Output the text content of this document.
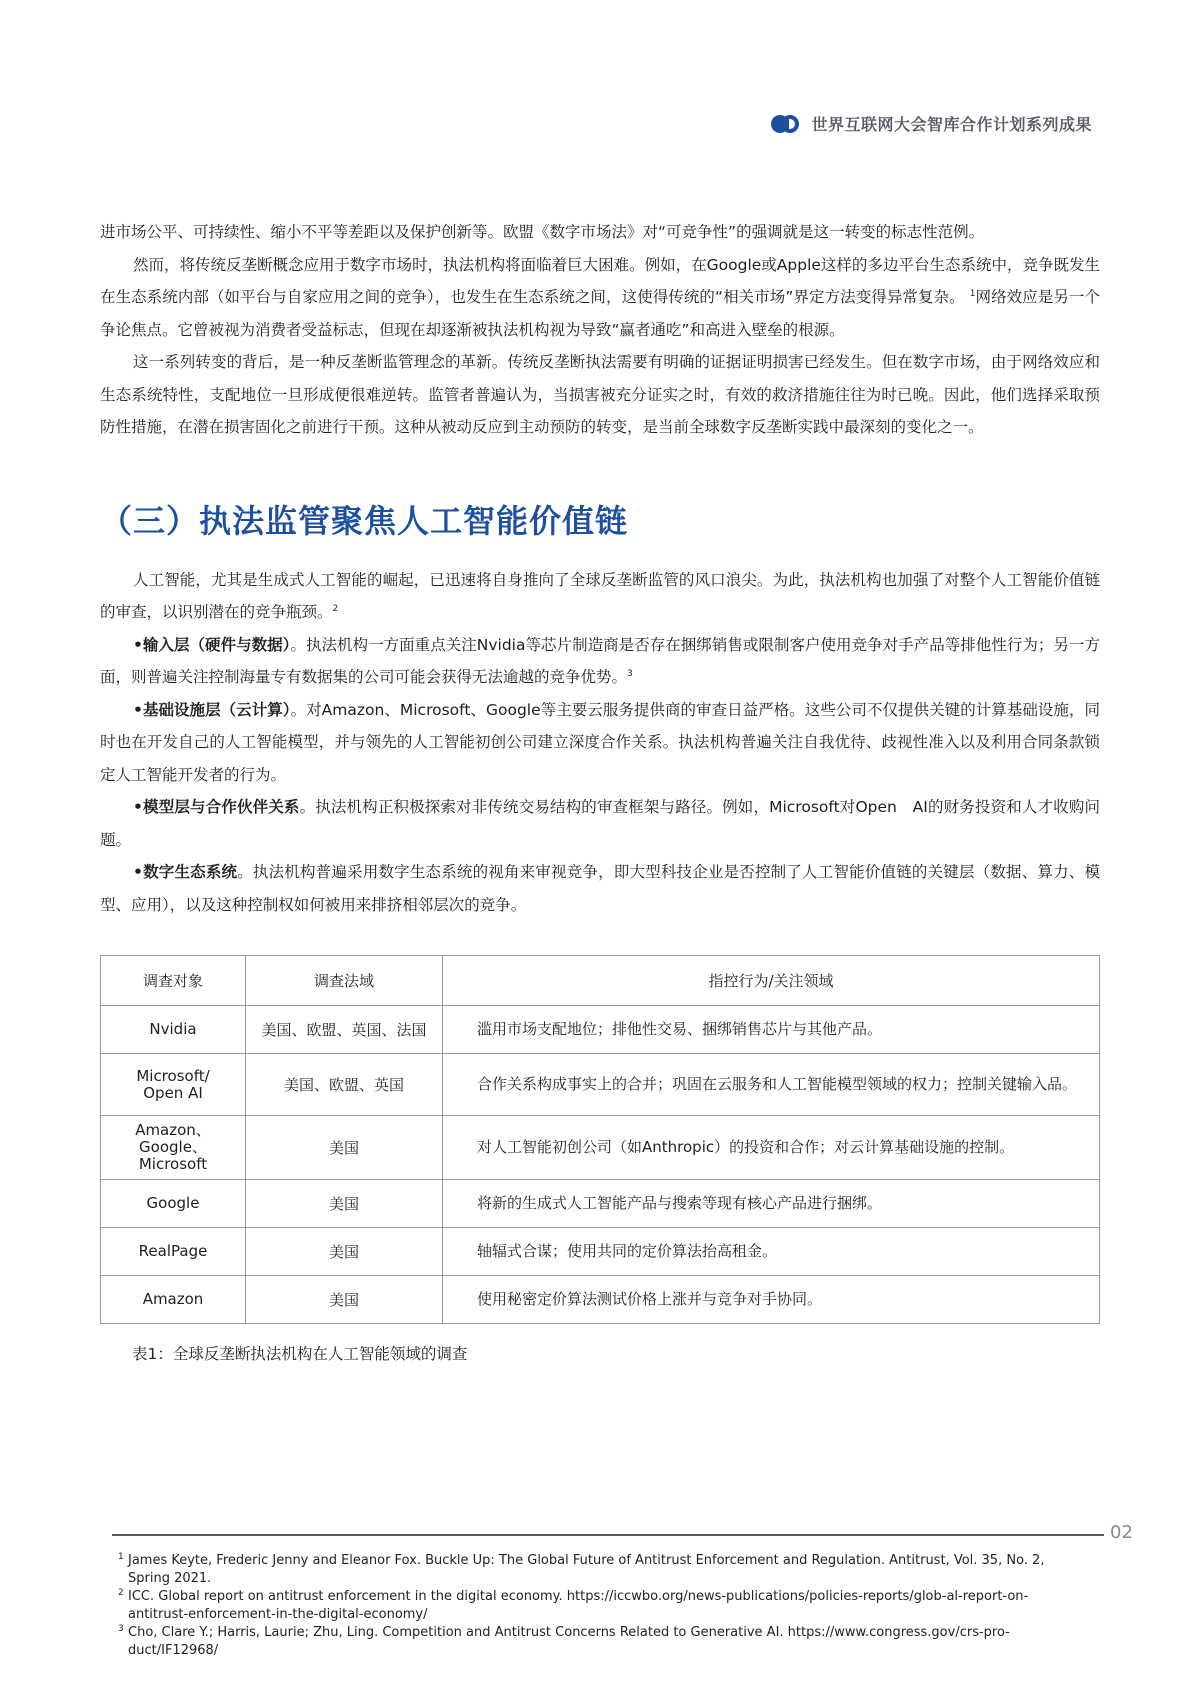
世界互联网大会智库合作计划系列成果

进市场公平、可持续性、缩小不平等差距以及保护创新等。欧盟《数字市场法》对“可竞争性”的强调就是这一转变的标志性范例。

然而，将传统反垄断概念应用于数字市场时，执法机构将面临着巨大困难。例如，在Google或Apple这样的多边平台生态系统中，竞争既发生在生态系统内部（如平台与自家应用之间的竞争），也发生在生态系统之间，这使得传统的“相关市场”界定方法变得异常复杂。 $^1$网络效应是另一个争论焦点。它曾被视为消费者受益标志，但现在却逐渐被执法机构视为导致“赢者通吃”和高进入壁垒的根源。

这一系列转变的背后，是一种反垄断监管理念的革新。传统反垄断执法需要有明确的证据证明损害已经发生。但在数字市场，由于网络效应和生态系统特性，支配地位一旦形成便很难逆转。监管者普遍认为，当损害被充分证实之时，有效的救济措施往往为时已晚。因此，他们选择采取预防性措施，在潜在损害固化之前进行干预。这种从被动反应到主动预防的转变，是当前全球数字反垄断实践中最深刻的变化之一。

（三）执法监管聚焦人工智能价值链

人工智能，尤其是生成式人工智能的崛起，已迅速将自身推向了全球反垄断监管的风口浪尖。为此，执法机构也加强了对整个人工智能价值链的审查，以识别潜在的竞争瓶颈。$^2$

•输入层（硬件与数据）。执法机构一方面重点关注Nvidia等芯片制造商是否存在捆绑销售或限制客户使用竞争对手产品等排他性行为；另一方面，则普遍关注控制海量专有数据集的公司可能会获得无法逾越的竞争优势。$^3$

•基础设施层（云计算）。对Amazon、Microsoft、Google等主要云服务提供商的审查日益严格。这些公司不仅提供关键的计算基础设施，同时也在开发自己的人工智能模型，并与领先的人工智能初创公司建立深度合作关系。执法机构普遍关注自我优待、歧视性准入以及利用合同条款锁定人工智能开发者的行为。

•模型层与合作伙伴关系。执法机构正积极探索对非传统交易结构的审查框架与路径。例如，Microsoft对Open　AI的财务投资和人才收购问题。

•数字生态系统。执法机构普遍采用数字生态系统的视角来审视竞争，即大型科技企业是否控制了人工智能价值链的关键层（数据、算力、模型、应用），以及这种控制权如何被用来排挤相邻层次的竞争。

调查对象	调查法域	指控行为/关注领域
Nvidia	美国、欧盟、英国、法国	滥用市场支配地位；排他性交易、捆绑销售芯片与其他产品。
Microsoft/ Open AI	美国、欧盟、英国	合作关系构成事实上的合并；巩固在云服务和人工智能模型领域的权力；控制关键输入品。
Amazon、 Google、 Microsoft	美国	对人工智能初创公司（如Anthropic）的投资和合作；对云计算基础设施的控制。
Google	美国	将新的生成式人工智能产品与搜索等现有核心产品进行捆绑。
RealPage	美国	轴辐式合谋；使用共同的定价算法抬高租金。
Amazon	美国	使用秘密定价算法测试价格上涨并与竞争对手协同。

表1：全球反垄断执法机构在人工智能领域的调查

02
1 James Keyte, Frederic Jenny and Eleanor Fox. Buckle Up: The Global Future of Antitrust Enforcement and Regulation. Antitrust, Vol. 35, No. 2, Spring 2021.
2 ICC. Global report on antitrust enforcement in the digital economy. https://iccwbo.org/news-publications/policies-reports/glob-al-report-on-antitrust-enforcement-in-the-digital-economy/
3 Cho, Clare Y.; Harris, Laurie; Zhu, Ling. Competition and Antitrust Concerns Related to Generative AI. https://www.congress.gov/crs-pro-duct/IF12968/
